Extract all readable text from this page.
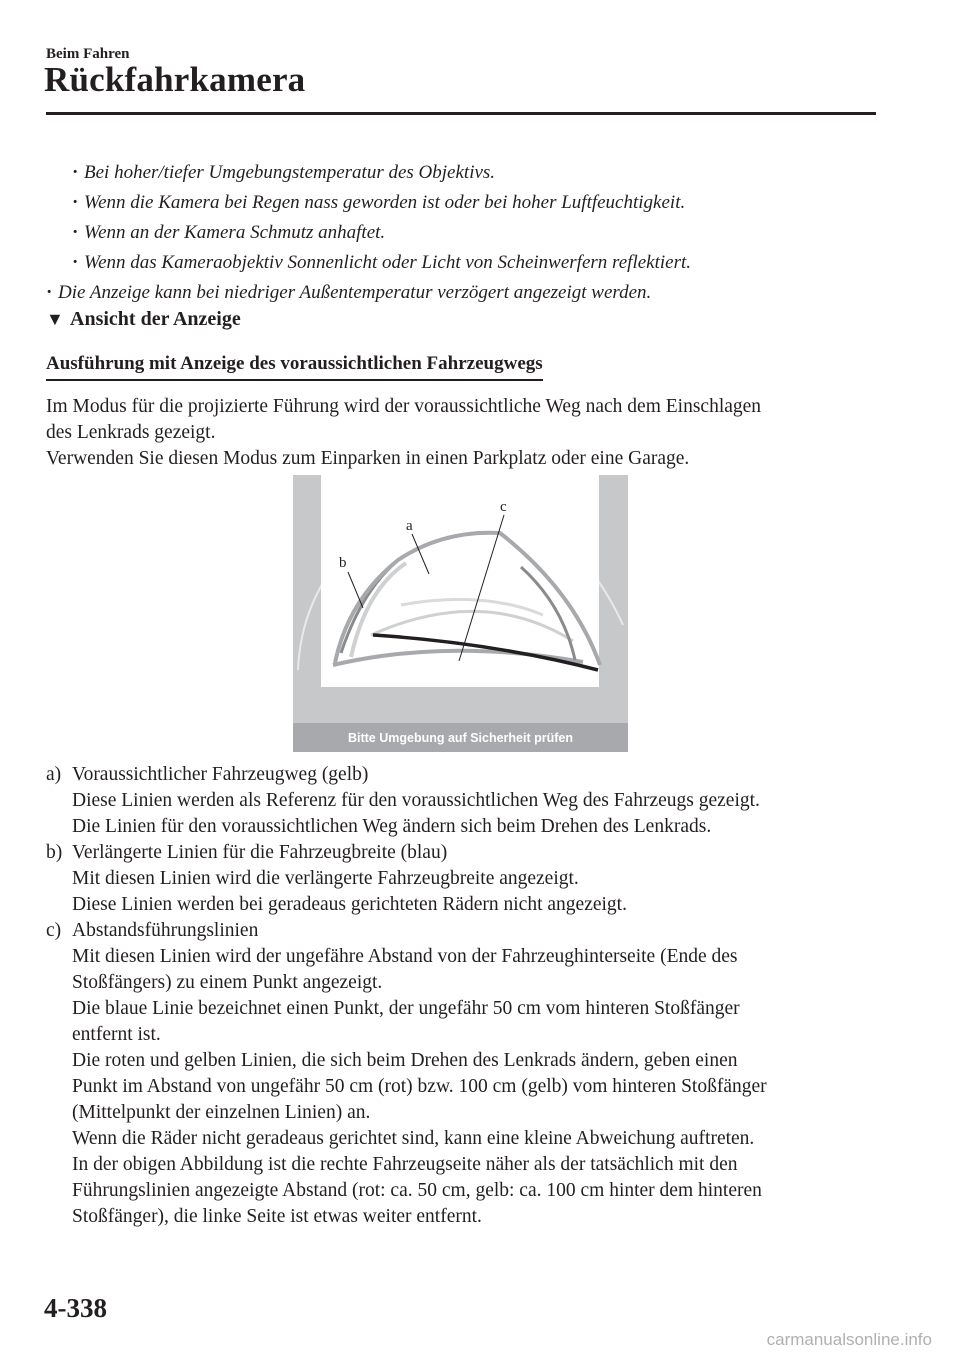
Beim Fahren
Rückfahrkamera
· Bei hoher/tiefer Umgebungstemperatur des Objektivs.
· Wenn die Kamera bei Regen nass geworden ist oder bei hoher Luftfeuchtigkeit.
· Wenn an der Kamera Schmutz anhaftet.
· Wenn das Kameraobjektiv Sonnenlicht oder Licht von Scheinwerfern reflektiert.
· Die Anzeige kann bei niedriger Außentemperatur verzögert angezeigt werden.
▼ Ansicht der Anzeige
Ausführung mit Anzeige des voraussichtlichen Fahrzeugwegs
Im Modus für die projizierte Führung wird der voraussichtliche Weg nach dem Einschlagen
des Lenkrads gezeigt.
Verwenden Sie diesen Modus zum Einparken in einen Parkplatz oder eine Garage.
Bitte Umgebung auf Sicherheit prüfen
a
b
c
a) Voraussichtlicher Fahrzeugweg (gelb)
Diese Linien werden als Referenz für den voraussichtlichen Weg des Fahrzeugs gezeigt.
Die Linien für den voraussichtlichen Weg ändern sich beim Drehen des Lenkrads.
b) Verlängerte Linien für die Fahrzeugbreite (blau)
Mit diesen Linien wird die verlängerte Fahrzeugbreite angezeigt.
Diese Linien werden bei geradeaus gerichteten Rädern nicht angezeigt.
c) Abstandsführungslinien
Mit diesen Linien wird der ungefähre Abstand von der Fahrzeughinterseite (Ende des
Stoßfängers) zu einem Punkt angezeigt.
Die blaue Linie bezeichnet einen Punkt, der ungefähr 50 cm vom hinteren Stoßfänger
entfernt ist.
Die roten und gelben Linien, die sich beim Drehen des Lenkrads ändern, geben einen
Punkt im Abstand von ungefähr 50 cm (rot) bzw. 100 cm (gelb) vom hinteren Stoßfänger
(Mittelpunkt der einzelnen Linien) an.
Wenn die Räder nicht geradeaus gerichtet sind, kann eine kleine Abweichung auftreten.
In der obigen Abbildung ist die rechte Fahrzeugseite näher als der tatsächlich mit den
Führungslinien angezeigte Abstand (rot: ca. 50 cm, gelb: ca. 100 cm hinter dem hinteren
Stoßfänger), die linke Seite ist etwas weiter entfernt.
4-338
carmanualsonline.info
